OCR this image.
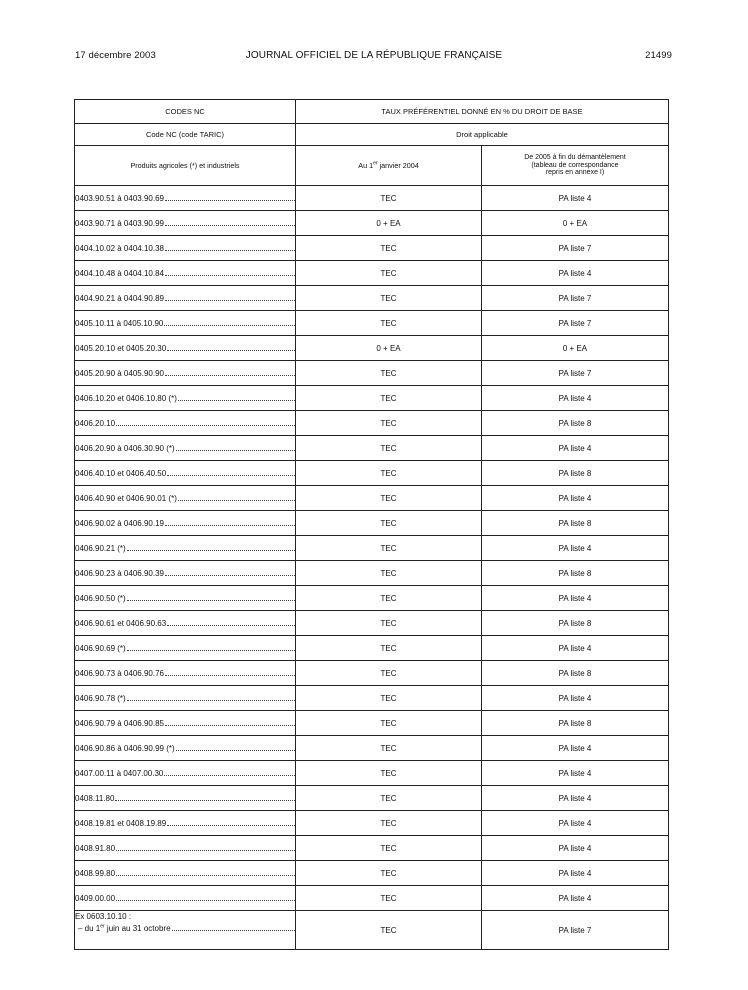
17 décembre 2003	JOURNAL OFFICIEL DE LA RÉPUBLIQUE FRANÇAISE	21499
CODES NC	TAUX PRÉFÉRENTIEL DONNÉ EN % DU DROIT DE BASE	
Code NC (code TARIC)	Droit applicable	
Produits agricoles (*) et industriels	Au 1er janvier 2004	De 2005 à fin du démantèlement
(tableau de correspondance
repris en annexe I)

0403.90.51 à 0403.90.69	TEC	PA liste 4

0403.90.71 à 0403.90.99	0 + EA	0 + EA

0404.10.02 à 0404.10.38	TEC	PA liste 7

0404.10.48 à 0404.10.84	TEC	PA liste 4

0404.90.21 à 0404.90.89	TEC	PA liste 7

0405.10.11 à 0405.10.90	TEC	PA liste 7

0405.20.10 et 0405.20.30	0 + EA	0 + EA

0405.20.90 à 0405.90.90	TEC	PA liste 7

0406.10.20 et 0406.10.80 (*)	TEC	PA liste 4

0406.20.10	TEC	PA liste 8

0406.20.90 à 0406.30.90 (*)	TEC	PA liste 4

0406.40.10 et 0406.40.50	TEC	PA liste 8

0406.40.90 et 0406.90.01 (*)	TEC	PA liste 4

0406.90.02 à 0406.90.19	TEC	PA liste 8

0406.90.21 (*)	TEC	PA liste 4

0406.90.23 à 0406.90.39	TEC	PA liste 8

0406.90.50 (*)	TEC	PA liste 4

0406.90.61 et 0406.90.63	TEC	PA liste 8

0406.90.69 (*)	TEC	PA liste 4

0406.90.73 à 0406.90.76	TEC	PA liste 8

0406.90.78 (*)	TEC	PA liste 4

0406.90.79 à 0406.90.85	TEC	PA liste 8

0406.90.86 à 0406.90.99 (*)	TEC	PA liste 4

0407.00.11 à 0407.00.30	TEC	PA liste 4

0408.11.80	TEC	PA liste 4

0408.19.81 et 0408.19.89	TEC	PA liste 4

0408.91.80	TEC	PA liste 4

0408.99.80	TEC	PA liste 4

0409.00.00	TEC	PA liste 4

Ex 0603.10.10 :
– du 1er juin au 31 octobre	TEC	PA liste 7
